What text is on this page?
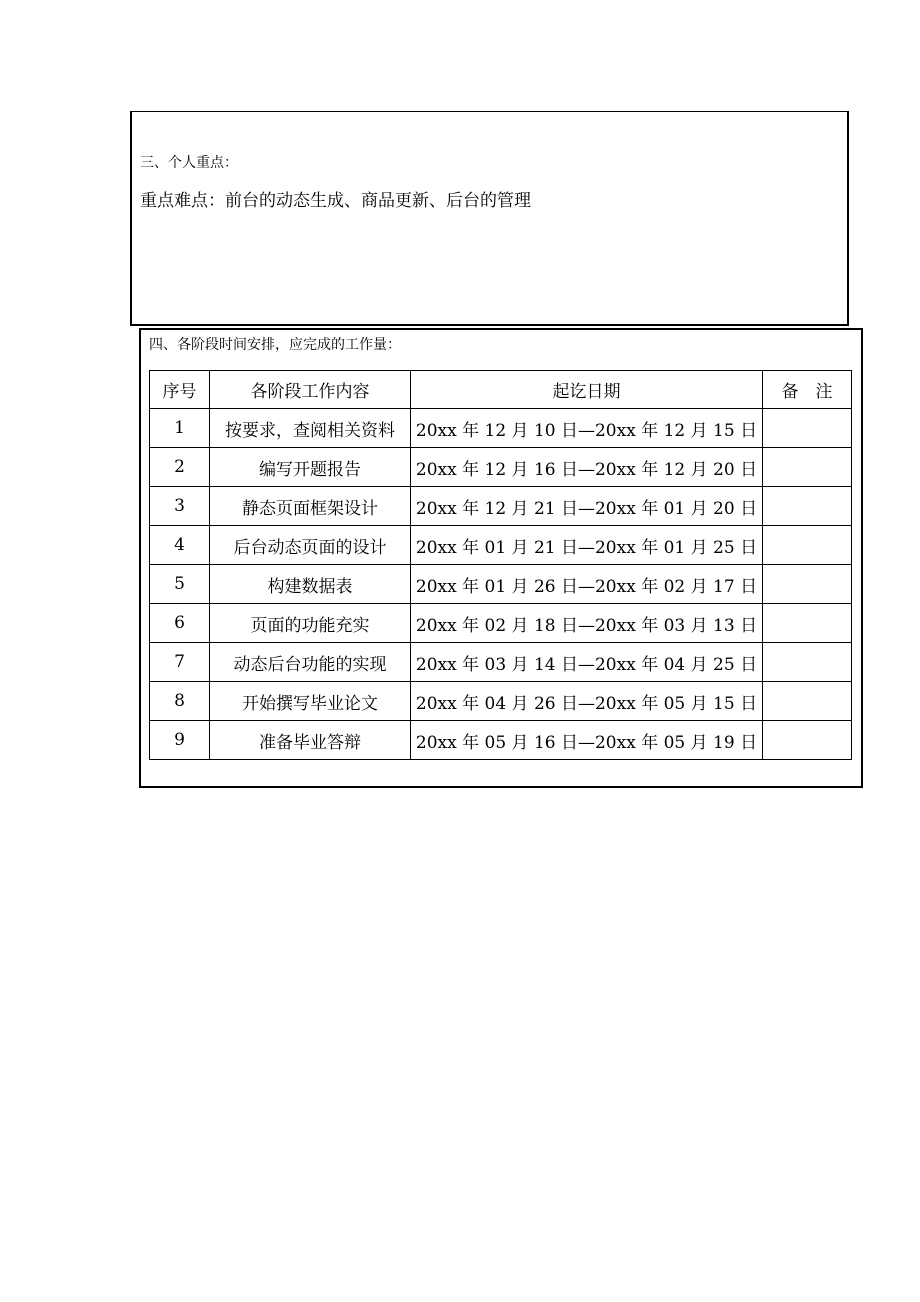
三、个人重点：
重点难点：前台的动态生成、商品更新、后台的管理
四、各阶段时间安排，应完成的工作量：
序号	各阶段工作内容	起讫日期	备　注
1	按要求，查阅相关资料	20xx 年 12 月 10 日—20xx 年 12 月 15 日	
2	编写开题报告	20xx 年 12 月 16 日—20xx 年 12 月 20 日	
3	静态页面框架设计	20xx 年 12 月 21 日—20xx 年 01 月 20 日	
4	后台动态页面的设计	20xx 年 01 月 21 日—20xx 年 01 月 25 日	
5	构建数据表	20xx 年 01 月 26 日—20xx 年 02 月 17 日	
6	页面的功能充实	20xx 年 02 月 18 日—20xx 年 03 月 13 日	
7	动态后台功能的实现	20xx 年 03 月 14 日—20xx 年 04 月 25 日	
8	开始撰写毕业论文	20xx 年 04 月 26 日—20xx 年 05 月 15 日	
9	准备毕业答辩	20xx 年 05 月 16 日—20xx 年 05 月 19 日	
